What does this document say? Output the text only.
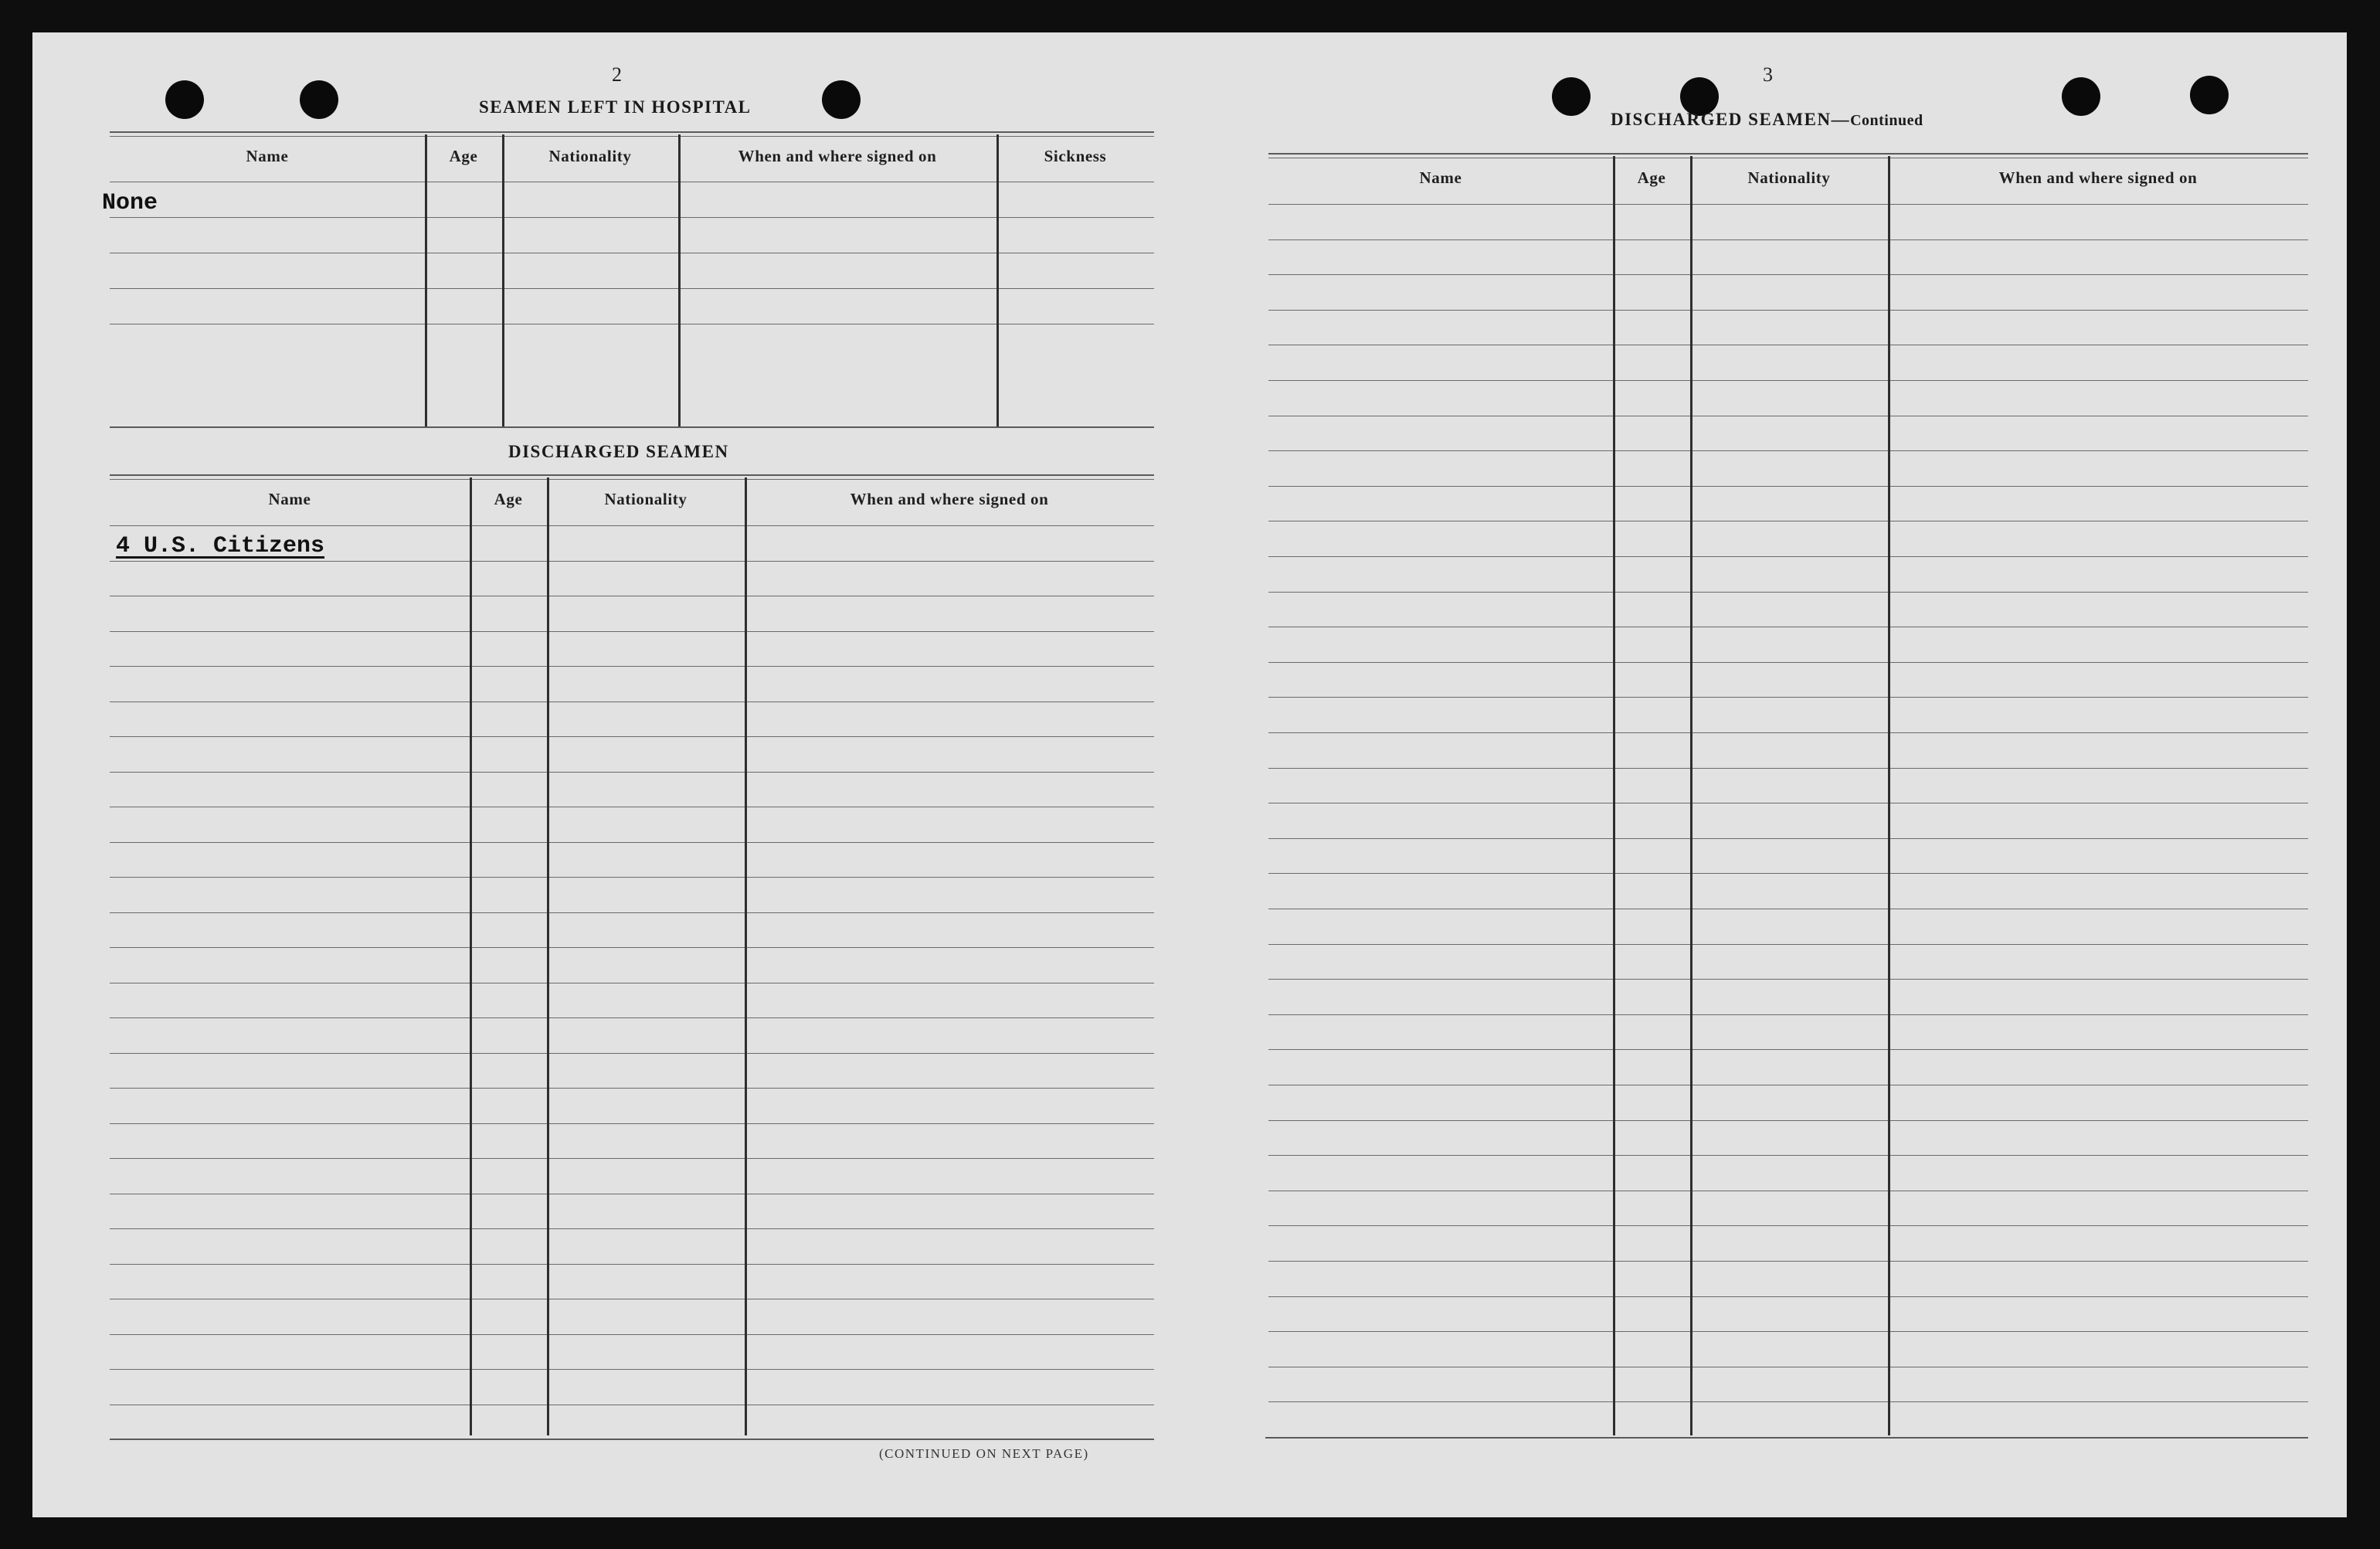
2
SEAMEN LEFT IN HOSPITAL
Name	Age	Nationality	When and where signed on	Sickness
None
DISCHARGED SEAMEN
Name	Age	Nationality	When and where signed on
4 U.S. Citizens
(CONTINUED ON NEXT PAGE)
3
DISCHARGED SEAMEN—Continued
Name	Age	Nationality	When and where signed on
